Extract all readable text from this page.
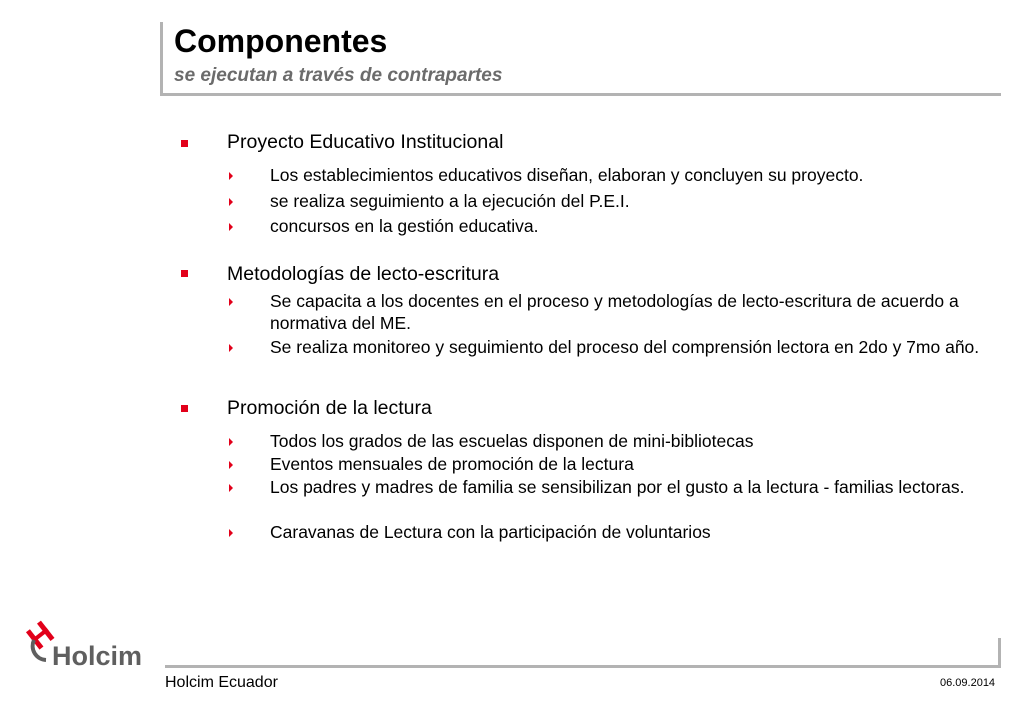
Componentes
se ejecutan a través de contrapartes
Proyecto Educativo Institucional
Los establecimientos educativos diseñan, elaboran y concluyen su proyecto.
se realiza seguimiento a la ejecución del P.E.I.
concursos en la gestión educativa.
Metodologías de lecto-escritura
Se capacita a los docentes en el proceso y metodologías de lecto-escritura de acuerdo a normativa del ME.
Se realiza monitoreo y seguimiento del proceso del comprensión lectora en 2do y 7mo año.
Promoción de la lectura
Todos los grados de las escuelas disponen de mini-bibliotecas
Eventos mensuales de promoción de la lectura
Los padres y madres de familia se sensibilizan por el gusto a la lectura - familias lectoras.
Caravanas de Lectura con la participación de voluntarios
Holcim
Holcim Ecuador	06.09.2014
